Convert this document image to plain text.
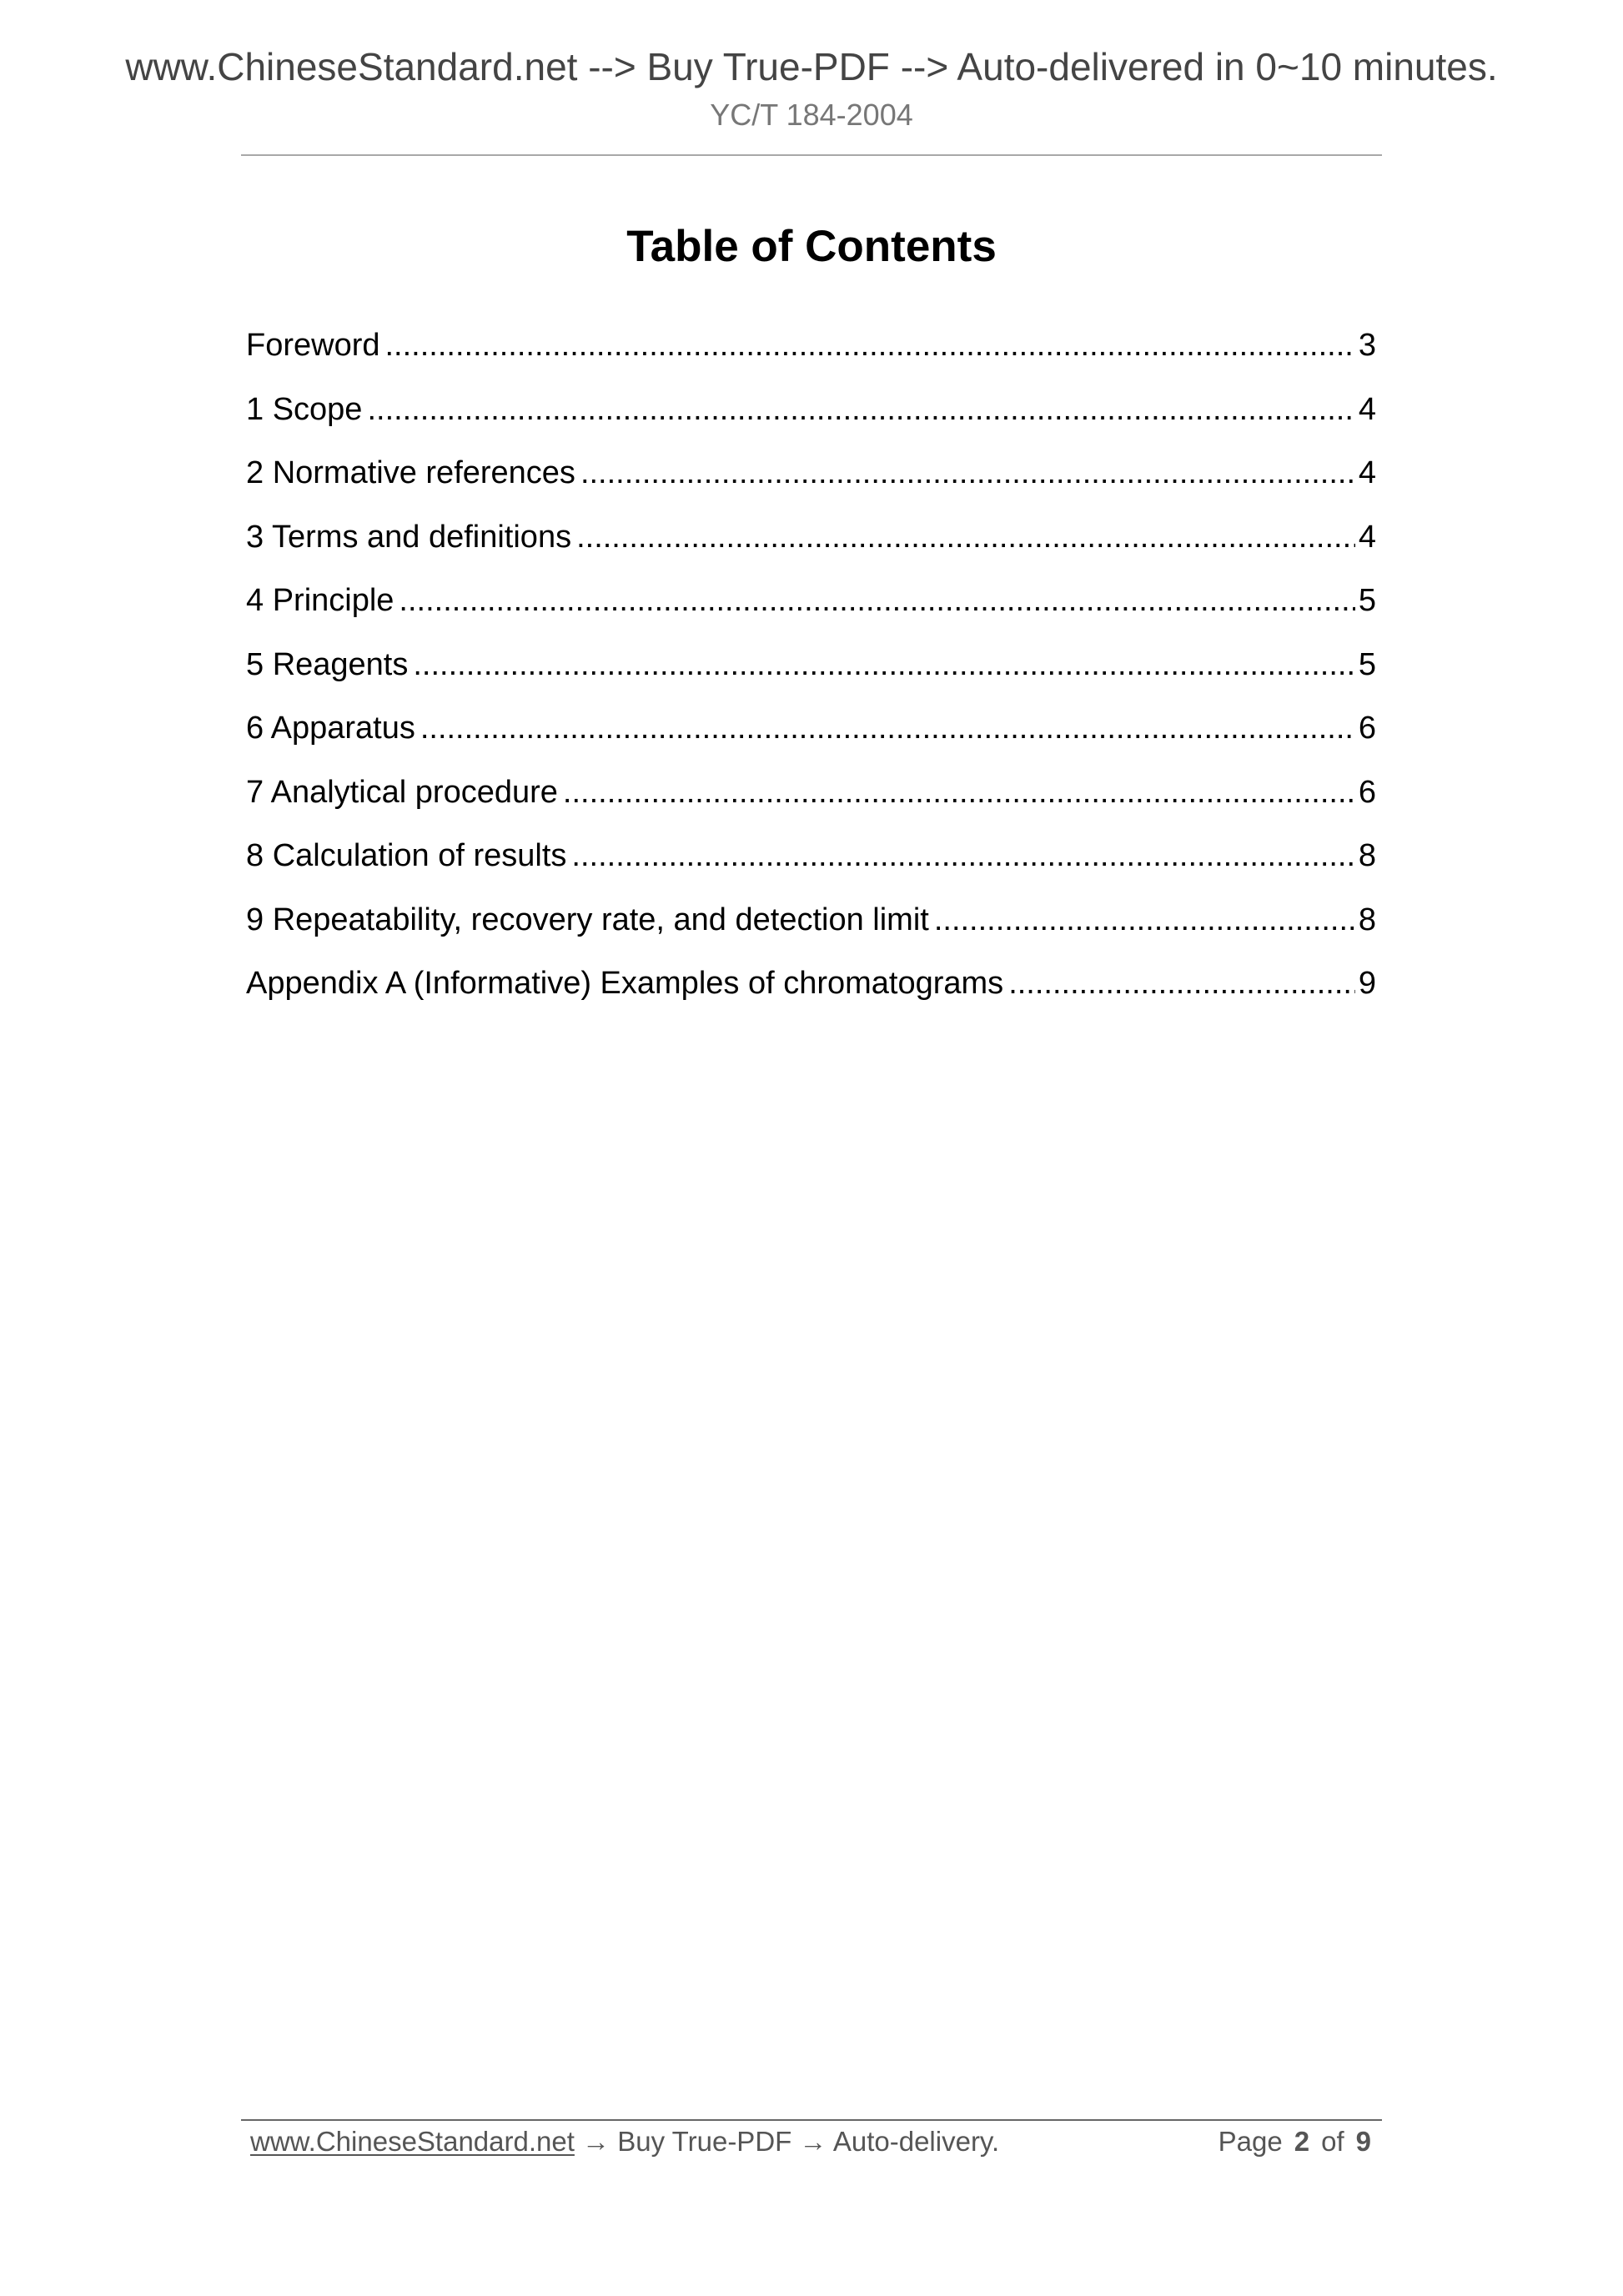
www.ChineseStandard.net --> Buy True-PDF --> Auto-delivered in 0~10 minutes.
YC/T 184-2004
Table of Contents
Foreword .....	3
1 Scope .....	4
2 Normative references .....	4
3 Terms and definitions .....	4
4 Principle .....	5
5 Reagents .....	5
6 Apparatus .....	6
7 Analytical procedure .....	6
8 Calculation of results .....	8
9 Repeatability, recovery rate, and detection limit .....	8
Appendix A (Informative) Examples of chromatograms .....	9
www.ChineseStandard.net → Buy True-PDF → Auto-delivery.	Page 2 of 9
